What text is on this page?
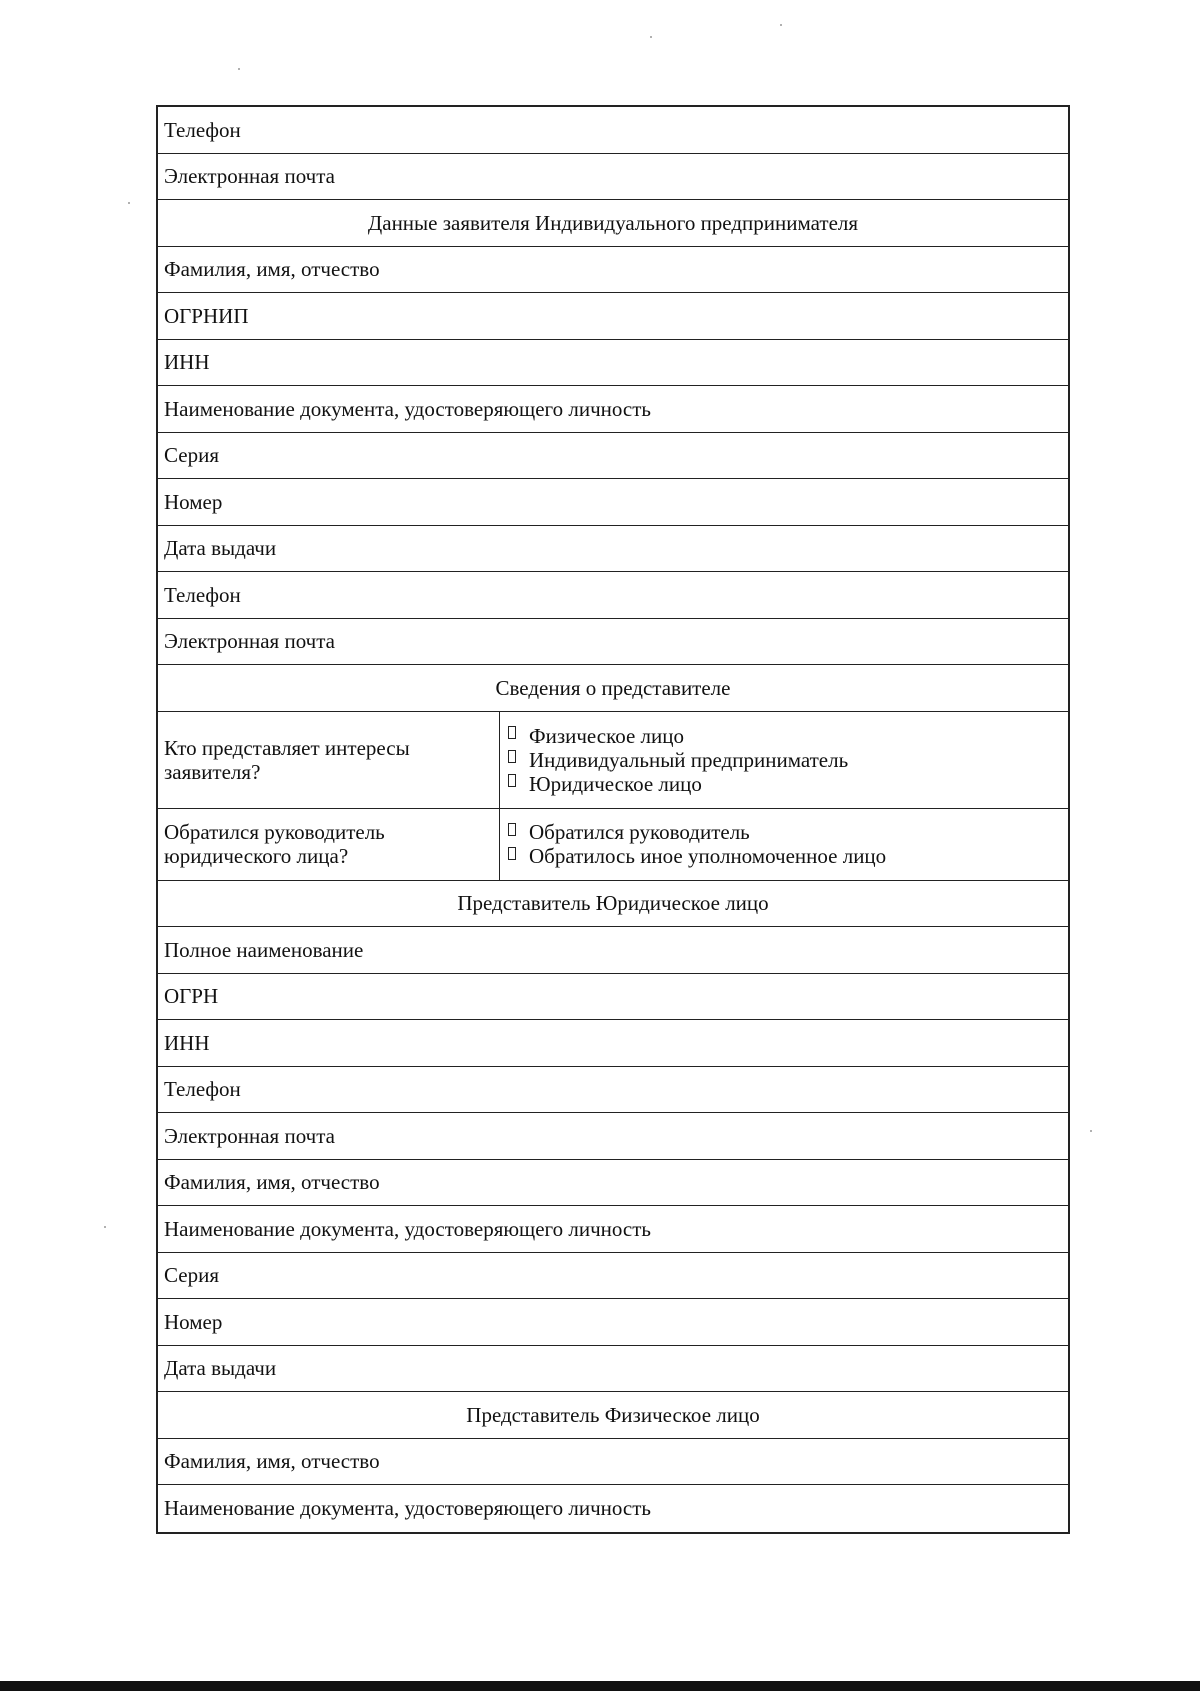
Телефон
Электронная почта
Данные заявителя Индивидуального предпринимателя
Фамилия, имя, отчество
ОГРНИП
ИНН
Наименование документа, удостоверяющего личность
Серия
Номер
Дата выдачи
Телефон
Электронная почта
Сведения о представителе
Кто представляет интересы заявителя?
Физическое лицо
Индивидуальный предприниматель
Юридическое лицо
Обратился руководитель юридического лица?
Обратился руководитель
Обратилось иное уполномоченное лицо
Представитель Юридическое лицо
Полное наименование
ОГРН
ИНН
Телефон
Электронная почта
Фамилия, имя, отчество
Наименование документа, удостоверяющего личность
Серия
Номер
Дата выдачи
Представитель Физическое лицо
Фамилия, имя, отчество
Наименование документа, удостоверяющего личность
